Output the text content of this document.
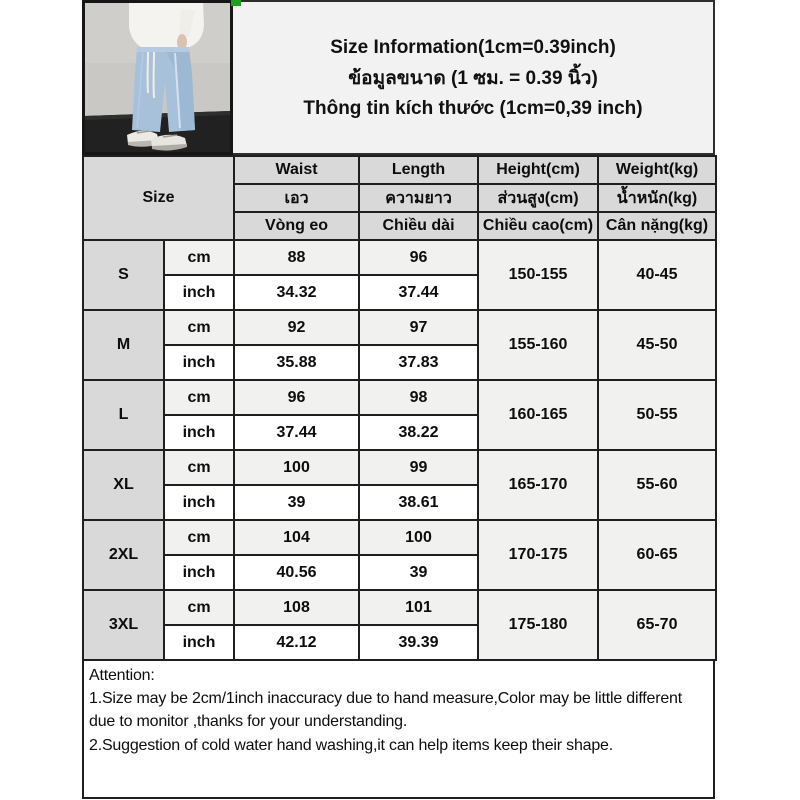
Size Information(1cm=0.39inch)
ข้อมูลขนาด (1 ซม. = 0.39 นิ้ว)
Thông tin kích thước (1cm=0,39 inch)
Size		Waist	Length	Height(cm)	Weight(kg)
		เอว	ความยาว	ส่วนสูง(cm)	น้ำหนัก(kg)
		Vòng eo	Chiều dài	Chiều cao(cm)	Cân nặng(kg)
S	cm	88	96	150-155	40-45
	inch	34.32	37.44		
M	cm	92	97	155-160	45-50
	inch	35.88	37.83		
L	cm	96	98	160-165	50-55
	inch	37.44	38.22		
XL	cm	100	99	165-170	55-60
	inch	39	38.61		
2XL	cm	104	100	170-175	60-65
	inch	40.56	39		
3XL	cm	108	101	175-180	65-70
	inch	42.12	39.39		
Attention:
1.Size may be 2cm/1inch inaccuracy due to hand measure,Color may be little different due to monitor ,thanks for your understanding.
2.Suggestion of cold water hand washing,it can help items keep their shape.
